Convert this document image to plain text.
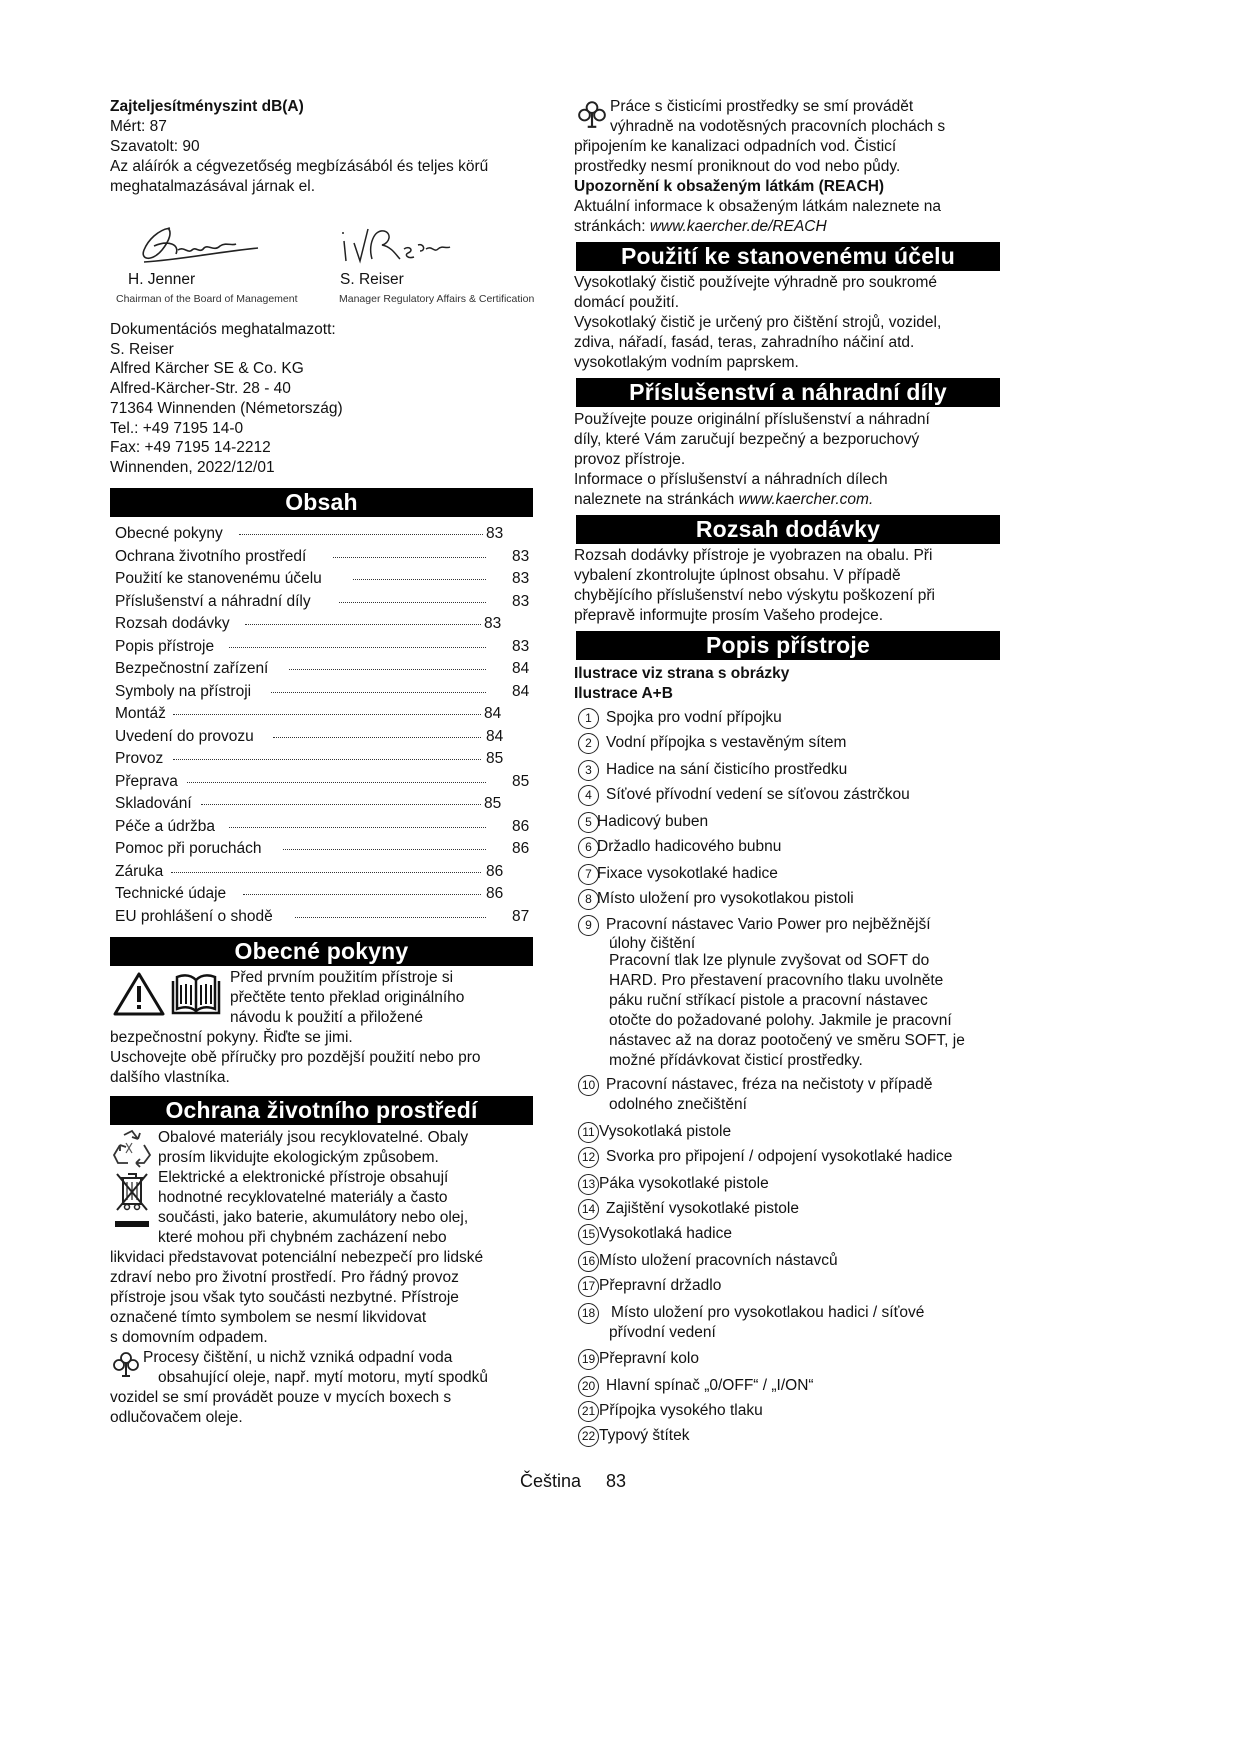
Zajteljesítményszint dB(A)

Mért: 87

Szavatolt: 90

Az aláírók a cégvezetőség megbízásából és teljes körű

meghatalmazásával járnak el.

H. Jenner

Chairman of the Board of Management

S. Reiser

Manager Regulatory Affairs & Certification

Dokumentációs meghatalmazott:
S. Reiser
Alfred Kärcher SE & Co. KG
Alfred-Kärcher-Str. 28 - 40
71364 Winnenden (Németország)
Tel.: +49 7195 14-0
Fax: +49 7195 14-2212
Winnenden, 2022/12/01
Obsah
Obecné pokyny	83
Ochrana životního prostředí	83
Použití ke stanovenému účelu	83
Příslušenství a náhradní díly	83
Rozsah dodávky	83
Popis přístroje	83
Bezpečnostní zařízení	84
Symboly na přístroji	84
Montáž	84
Uvedení do provozu	84
Provoz	85
Přeprava	85
Skladování	85
Péče a údržba	86
Pomoc při poruchách	86
Záruka	86
Technické údaje	86
EU prohlášení o shodě	87
Obecné pokyny

Před prvním použitím přístroje si

přečtěte tento překlad originálního

návodu k použití a přiložené

bezpečnostní pokyny. Řiďte se jimi.

Uschovejte obě příručky pro pozdější použití nebo pro

dalšího vlastníka.

Ochrana životního prostředí

Obalové materiály jsou recyklovatelné. Obaly

prosím likvidujte ekologickým způsobem.

Elektrické a elektronické přístroje obsahují

hodnotné recyklovatelné materiály a často

součásti, jako baterie, akumulátory nebo olej,

které mohou při chybném zacházení nebo

likvidaci představovat potenciální nebezpečí pro lidské

zdraví nebo pro životní prostředí. Pro řádný provoz

přístroje jsou však tyto součásti nezbytné. Přístroje

označené tímto symbolem se nesmí likvidovat

s domovním odpadem.

Procesy čištění, u nichž vzniká odpadní voda

obsahující oleje, např. mytí motoru, mytí spodků

vozidel se smí provádět pouze v mycích boxech s

odlučovačem oleje.

Práce s čisticími prostředky se smí provádět

výhradně na vodotěsných pracovních plochách s

připojením ke kanalizaci odpadních vod. Čisticí

prostředky nesmí proniknout do vod nebo půdy.

Upozornění k obsaženým látkám (REACH)

Aktuální informace k obsaženým látkám naleznete na

stránkách: www.kaercher.de/REACH

Použití ke stanovenému účelu

Vysokotlaký čistič používejte výhradně pro soukromé

domácí použití.

Vysokotlaký čistič je určený pro čištění strojů, vozidel,

zdiva, nářadí, fasád, teras, zahradního náčiní atd.

vysokotlakým vodním paprskem.

Příslušenství a náhradní díly

Používejte pouze originální příslušenství a náhradní

díly, které Vám zaručují bezpečný a bezporuchový

provoz přístroje.

Informace o příslušenství a náhradních dílech

naleznete na stránkách www.kaercher.com.

Rozsah dodávky

Rozsah dodávky přístroje je vyobrazen na obalu. Při

vybalení zkontrolujte úplnost obsahu. V případě

chybějícího příslušenství nebo výskytu poškození při

přepravě informujte prosím Vašeho prodejce.

Popis přístroje

Ilustrace viz strana s obrázky

Ilustrace A+B

1 Spojka pro vodní přípojku
2 Vodní přípojka s vestavěným sítem
3 Hadice na sání čisticího prostředku
4 Síťové přívodní vedení se síťovou zástrčkou
5 Hadicový buben
6 Držadlo hadicového bubnu
7 Fixace vysokotlaké hadice
8 Místo uložení pro vysokotlakou pistoli
9 Pracovní nástavec Vario Power pro nejběžnější
úlohy čištění
Pracovní tlak lze plynule zvyšovat od SOFT do
HARD. Pro přestavení pracovního tlaku uvolněte
páku ruční stříkací pistole a pracovní nástavec
otočte do požadované polohy. Jakmile je pracovní
nástavec až na doraz pootočený ve směru SOFT, je
možné přídávkovat čisticí prostředky.
10 Pracovní nástavec, fréza na nečistoty v případě
odolného znečištění
11 Vysokotlaká pistole
12 Svorka pro připojení / odpojení vysokotlaké hadice
13 Páka vysokotlaké pistole
14 Zajištění vysokotlaké pistole
15 Vysokotlaká hadice
16 Místo uložení pracovních nástavců
17 Přepravní držadlo
18 Místo uložení pro vysokotlakou hadici / síťové
přívodní vedení
19 Přepravní kolo
20 Hlavní spínač „0/OFF“ / „I/ON“
21 Přípojka vysokého tlaku
22 Typový štítek

Čeština 83
